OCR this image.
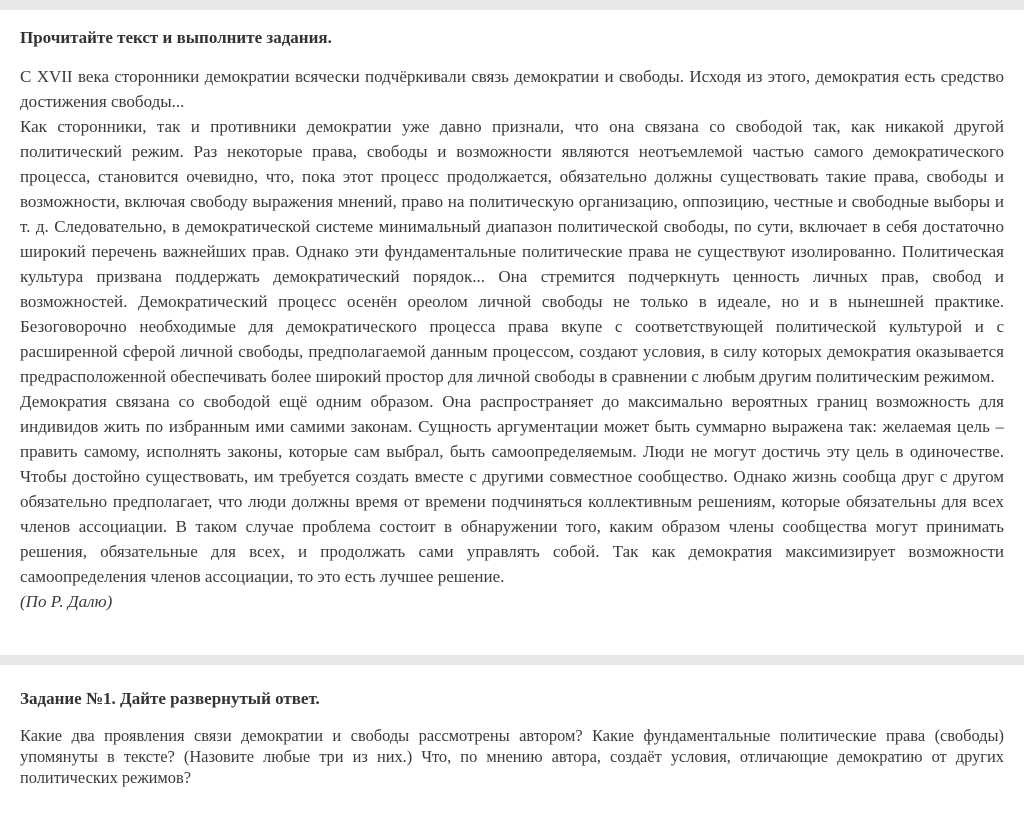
Прочитайте текст и выполните задания.

С XVII века сторонники демократии всячески подчёркивали связь демократии и свободы. Исходя из этого, демократия есть средство достижения свободы...

Как сторонники, так и противники демократии уже давно признали, что она связана со свободой так, как никакой другой политический режим. Раз некоторые права, свободы и возможности являются неотъемлемой частью самого демократического процесса, становится очевидно, что, пока этот процесс продолжается, обязательно должны существовать такие права, свободы и возможности, включая свободу выражения мнений, право на политическую организацию, оппозицию, честные и свободные выборы и т. д. Следовательно, в демократической системе минимальный диапазон политической свободы, по сути, включает в себя достаточно широкий перечень важнейших прав. Однако эти фундаментальные политические права не существуют изолированно. Политическая культура призвана поддержать демократический порядок... Она стремится подчеркнуть ценность личных прав, свобод и возможностей. Демократический процесс осенён ореолом личной свободы не только в идеале, но и в нынешней практике. Безоговорочно необходимые для демократического процесса права вкупе с соответствующей политической культурой и с расширенной сферой личной свободы, предполагаемой данным процессом, создают условия, в силу которых демократия оказывается предрасположенной обеспечивать более широкий простор для личной свободы в сравнении с любым другим политическим режимом.

Демократия связана со свободой ещё одним образом. Она распространяет до максимально вероятных границ возможность для индивидов жить по избранным ими самими законам. Сущность аргументации может быть суммарно выражена так: желаемая цель – править самому, исполнять законы, которые сам выбрал, быть самоопределяемым. Люди не могут достичь эту цель в одиночестве. Чтобы достойно существовать, им требуется создать вместе с другими совместное сообщество. Однако жизнь сообща друг с другом обязательно предполагает, что люди должны время от времени подчиняться коллективным решениям, которые обязательны для всех членов ассоциации. В таком случае проблема состоит в обнаружении того, каким образом члены сообщества могут принимать решения, обязательные для всех, и продолжать сами управлять собой. Так как демократия максимизирует возможности самоопределения членов ассоциации, то это есть лучшее решение.

(По Р. Далю)

Задание №1. Дайте развернутый ответ.

Какие два проявления связи демократии и свободы рассмотрены автором? Какие фундаментальные политические права (свободы) упомянуты в тексте? (Назовите любые три из них.) Что, по мнению автора, создаёт условия, отличающие демократию от других политических режимов?
